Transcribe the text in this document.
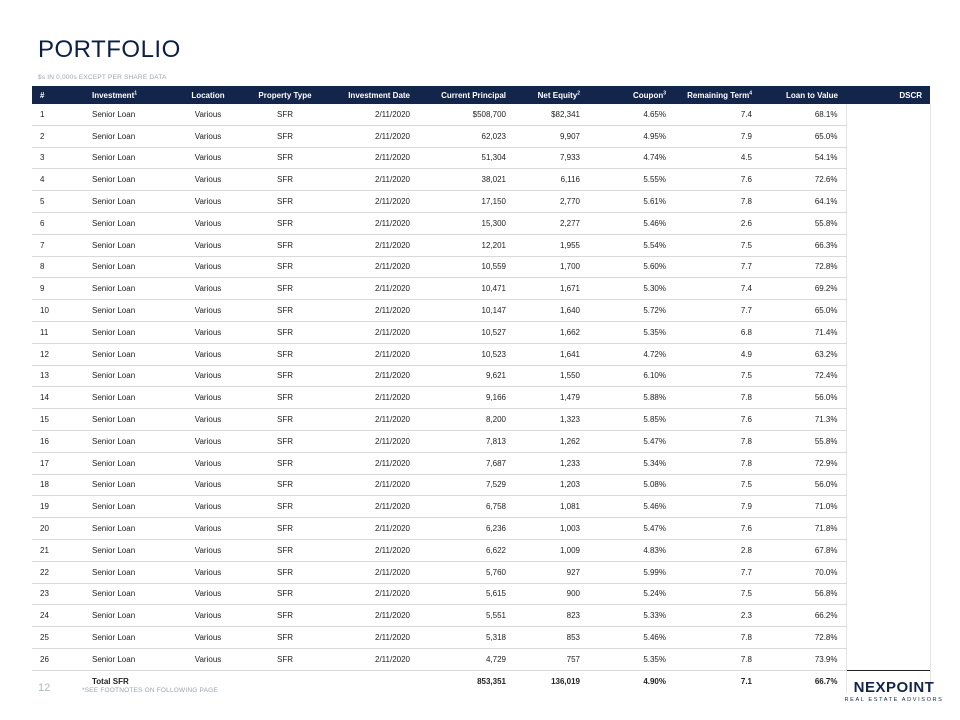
PORTFOLIO
$s IN 0,000s EXCEPT PER SHARE DATA
#	Investment$^1$	Location	Property Type	Investment Date	Current Principal	Net Equity$^2$	Coupon$^3$	Remaining Term$^4$	Loan to Value	DSCR
1	Senior Loan	Various	SFR	2/11/2020	$508,700	$82,341	4.65%	7.4	68.1%	
2	Senior Loan	Various	SFR	2/11/2020	62,023	9,907	4.95%	7.9	65.0%	
3	Senior Loan	Various	SFR	2/11/2020	51,304	7,933	4.74%	4.5	54.1%	
4	Senior Loan	Various	SFR	2/11/2020	38,021	6,116	5.55%	7.6	72.6%	
5	Senior Loan	Various	SFR	2/11/2020	17,150	2,770	5.61%	7.8	64.1%	
6	Senior Loan	Various	SFR	2/11/2020	15,300	2,277	5.46%	2.6	55.8%	
7	Senior Loan	Various	SFR	2/11/2020	12,201	1,955	5.54%	7.5	66.3%	
8	Senior Loan	Various	SFR	2/11/2020	10,559	1,700	5.60%	7.7	72.8%	
9	Senior Loan	Various	SFR	2/11/2020	10,471	1,671	5.30%	7.4	69.2%	
10	Senior Loan	Various	SFR	2/11/2020	10,147	1,640	5.72%	7.7	65.0%	
11	Senior Loan	Various	SFR	2/11/2020	10,527	1,662	5.35%	6.8	71.4%	
12	Senior Loan	Various	SFR	2/11/2020	10,523	1,641	4.72%	4.9	63.2%	
13	Senior Loan	Various	SFR	2/11/2020	9,621	1,550	6.10%	7.5	72.4%	
14	Senior Loan	Various	SFR	2/11/2020	9,166	1,479	5.88%	7.8	56.0%	
15	Senior Loan	Various	SFR	2/11/2020	8,200	1,323	5.85%	7.6	71.3%	
16	Senior Loan	Various	SFR	2/11/2020	7,813	1,262	5.47%	7.8	55.8%	
17	Senior Loan	Various	SFR	2/11/2020	7,687	1,233	5.34%	7.8	72.9%	
18	Senior Loan	Various	SFR	2/11/2020	7,529	1,203	5.08%	7.5	56.0%	
19	Senior Loan	Various	SFR	2/11/2020	6,758	1,081	5.46%	7.9	71.0%	
20	Senior Loan	Various	SFR	2/11/2020	6,236	1,003	5.47%	7.6	71.8%	
21	Senior Loan	Various	SFR	2/11/2020	6,622	1,009	4.83%	2.8	67.8%	
22	Senior Loan	Various	SFR	2/11/2020	5,760	927	5.99%	7.7	70.0%	
23	Senior Loan	Various	SFR	2/11/2020	5,615	900	5.24%	7.5	56.8%	
24	Senior Loan	Various	SFR	2/11/2020	5,551	823	5.33%	2.3	66.2%	
25	Senior Loan	Various	SFR	2/11/2020	5,318	853	5.46%	7.8	72.8%	
26	Senior Loan	Various	SFR	2/11/2020	4,729	757	5.35%	7.8	73.9%	
	Total SFR				853,351	136,019	4.90%	7.1	66.7%	
12	*SEE FOOTNOTES ON FOLLOWING PAGE	NEXPOINT
REAL ESTATE ADVISORS
